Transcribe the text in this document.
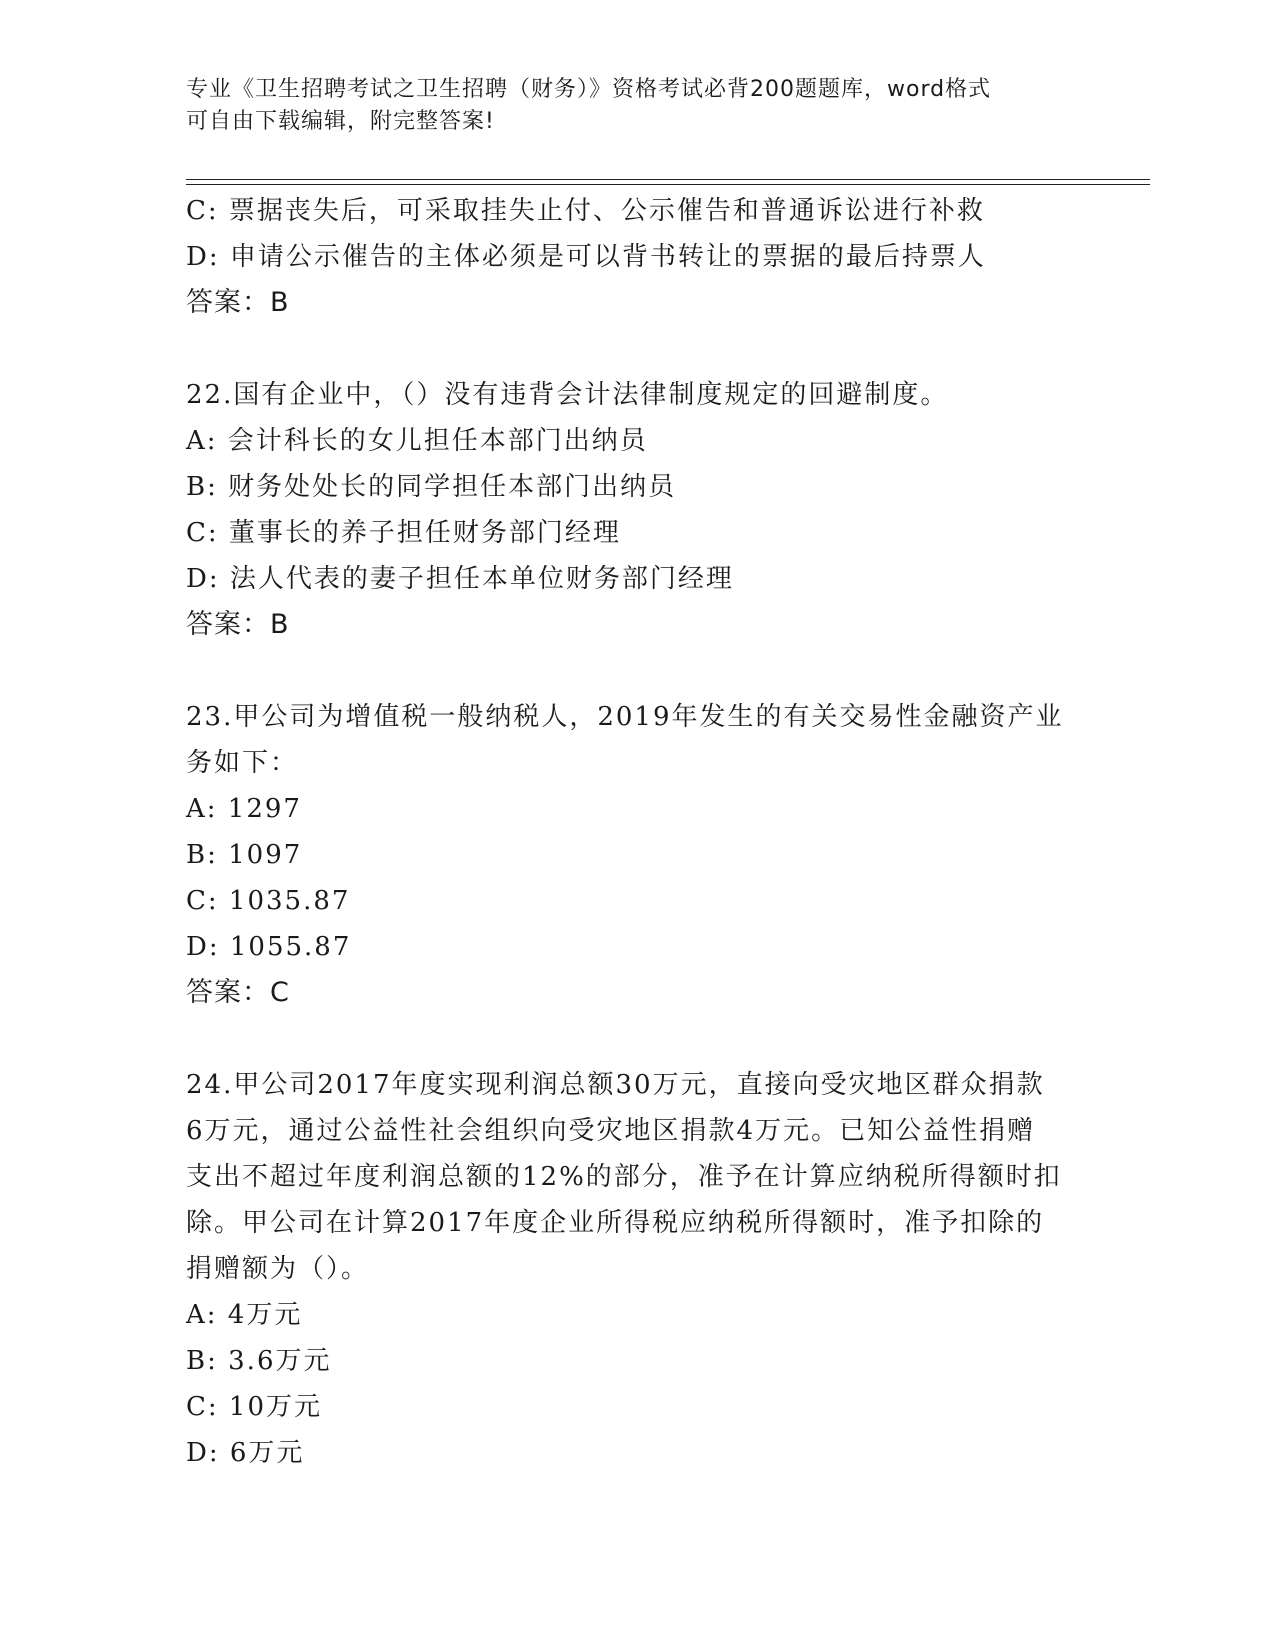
专业《卫生招聘考试之卫生招聘（财务）》资格考试必背200题题库，word格式
可自由下载编辑，附完整答案!
C: 票据丧失后，可采取挂失止付、公示催告和普通诉讼进行补救
D: 申请公示催告的主体必须是可以背书转让的票据的最后持票人
答案：B
22.国有企业中，（）没有违背会计法律制度规定的回避制度。
A: 会计科长的女儿担任本部门出纳员
B: 财务处处长的同学担任本部门出纳员
C: 董事长的养子担任财务部门经理
D: 法人代表的妻子担任本单位财务部门经理
答案：B
23.甲公司为增值税一般纳税人，2019年发生的有关交易性金融资产业
务如下：
A: 1297
B: 1097
C: 1035.87
D: 1055.87
答案：C
24.甲公司2017年度实现利润总额30万元，直接向受灾地区群众捐款
6万元，通过公益性社会组织向受灾地区捐款4万元。已知公益性捐赠
支出不超过年度利润总额的12%的部分，准予在计算应纳税所得额时扣
除。甲公司在计算2017年度企业所得税应纳税所得额时，准予扣除的
捐赠额为（）。
A: 4万元
B: 3.6万元
C: 10万元
D: 6万元
